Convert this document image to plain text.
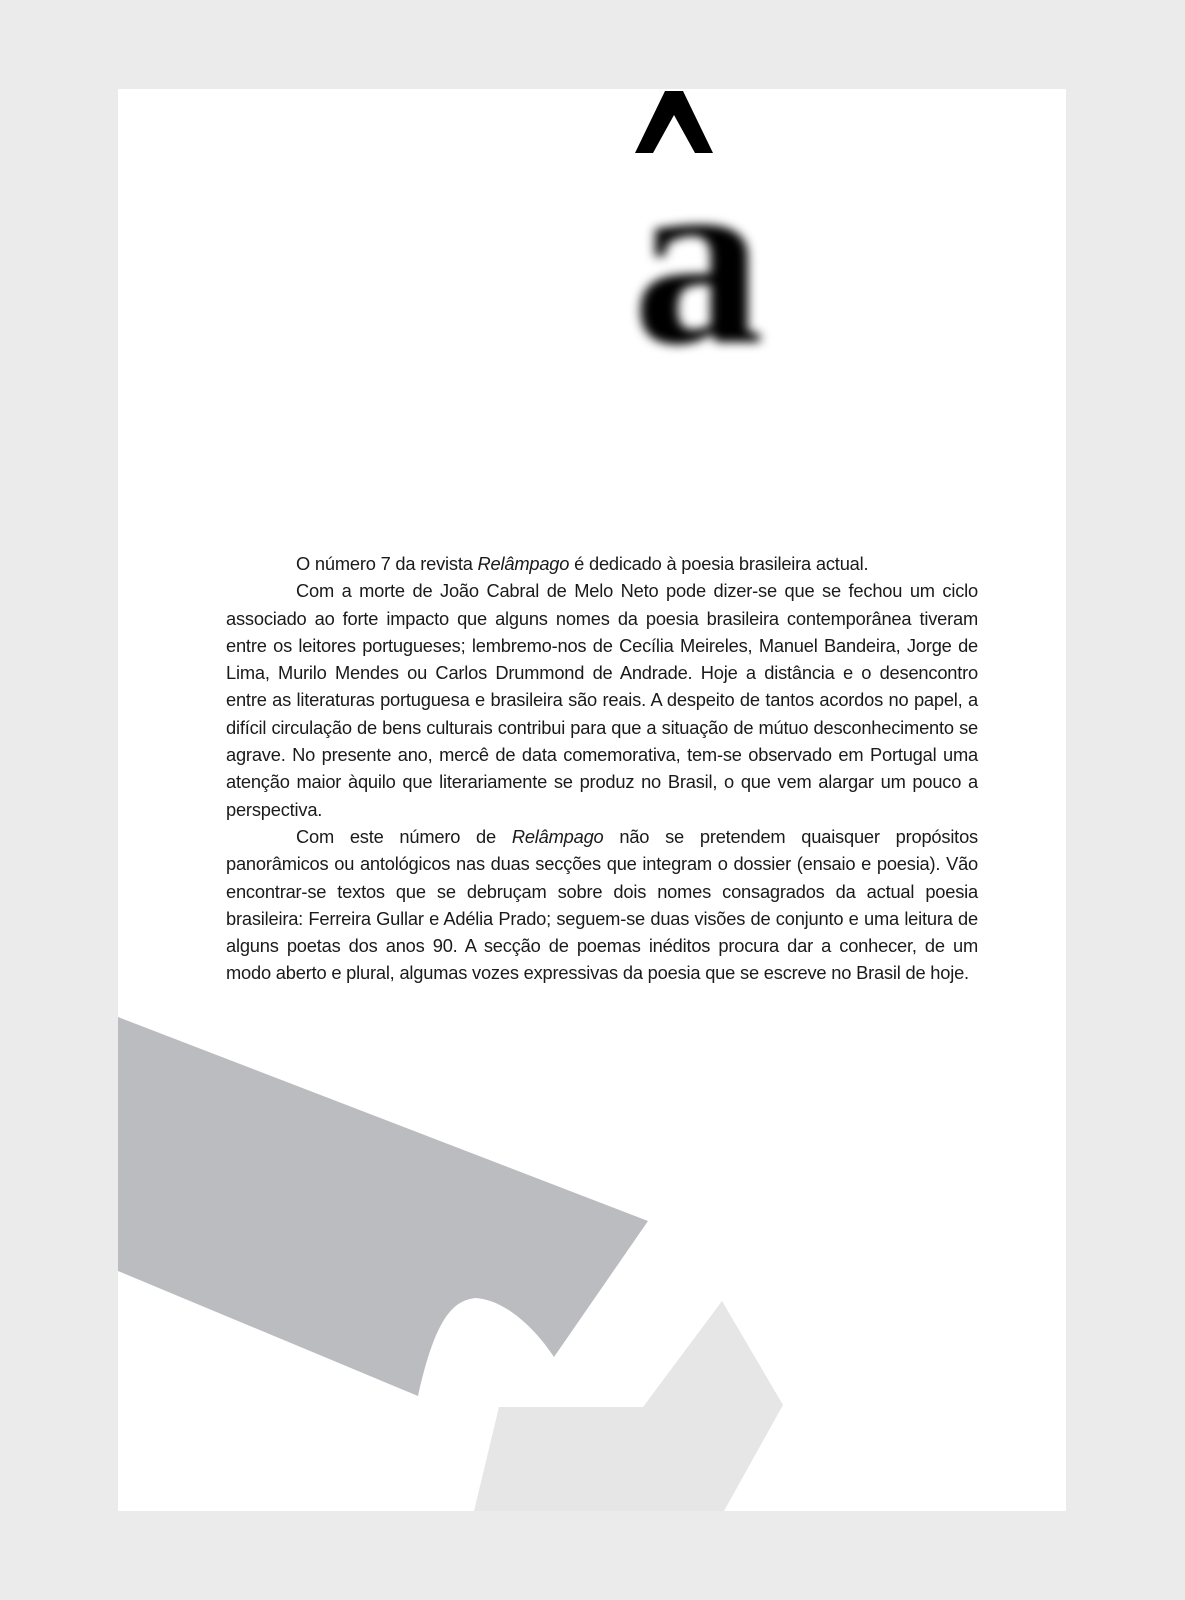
a

O número 7 da revista Relâmpago é dedicado à poesia brasileira actual.

Com a morte de João Cabral de Melo Neto pode dizer-se que se fechou um ciclo associado ao forte impacto que alguns nomes da poesia brasileira contemporânea tiveram entre os leitores portugueses; lembremo-nos de Cecília Meireles, Manuel Bandeira, Jorge de Lima, Murilo Mendes ou Carlos Drummond de Andrade. Hoje a distância e o desencontro entre as literaturas portuguesa e brasileira são reais. A despeito de tantos acordos no papel, a difícil circulação de bens culturais contribui para que a situação de mútuo desconhecimento se agrave. No presente ano, mercê de data comemorativa, tem-se observado em Portugal uma atenção maior àquilo que literariamente se produz no Brasil, o que vem alargar um pouco a perspectiva.

Com este número de Relâmpago não se pretendem quaisquer propósitos panorâmicos ou antológicos nas duas secções que integram o dossier (ensaio e poesia). Vão encontrar-se textos que se debruçam sobre dois nomes consagrados da actual poesia brasileira: Ferreira Gullar e Adélia Prado; seguem-se duas visões de conjunto e uma leitura de alguns poetas dos anos 90. A secção de poemas inéditos procura dar a conhecer, de um modo aberto e plural, algumas vozes expressivas da poesia que se escreve no Brasil de hoje.
